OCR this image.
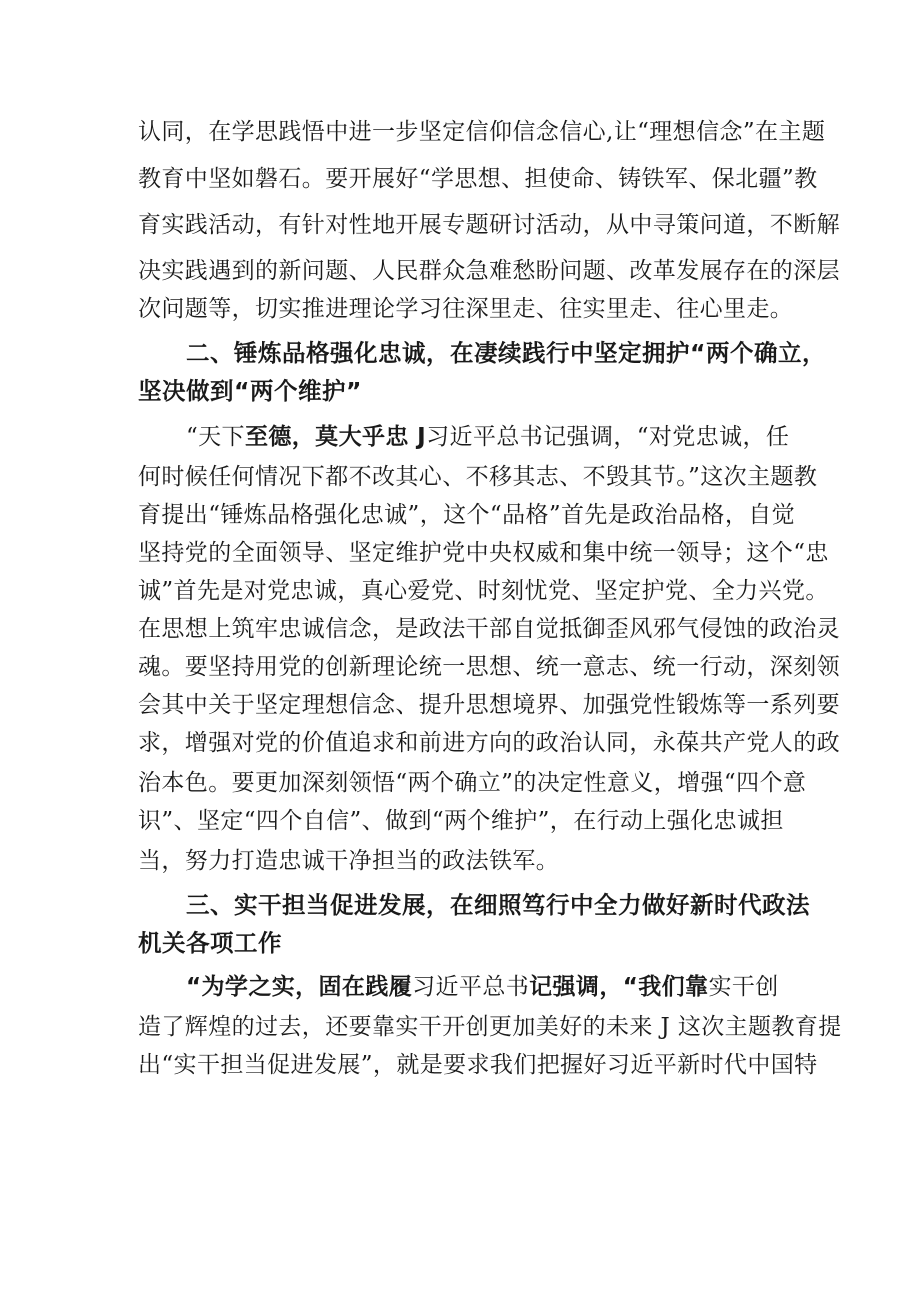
认同，在学思践悟中进一步坚定信仰信念信心,让“理想信念”在主题
教育中坚如磐石。要开展好“学思想、担使命、铸铁军、保北疆”教
育实践活动，有针对性地开展专题研讨活动，从中寻策问道，不断解
决实践遇到的新问题、人民群众急难愁盼问题、改革发展存在的深层
次问题等，切实推进理论学习往深里走、往实里走、往心里走。
二、锤炼品格强化忠诚，在凄续践行中坚定拥护“两个确立，
坚决做到“两个维护”
“天下至德，莫大乎忠 J习近平总书记强调，“对党忠诚，任
何时候任何情况下都不改其心、不移其志、不毁其节。”这次主题教
育提出“锤炼品格强化忠诚”，这个“品格”首先是政治品格，自觉
坚持党的全面领导、坚定维护党中央权威和集中统一领导；这个“忠
诚”首先是对党忠诚，真心爱党、时刻忧党、坚定护党、全力兴党。
在思想上筑牢忠诚信念，是政法干部自觉抵御歪风邪气侵蚀的政治灵
魂。要坚持用党的创新理论统一思想、统一意志、统一行动，深刻领
会其中关于坚定理想信念、提升思想境界、加强党性锻炼等一系列要
求，增强对党的价值追求和前进方向的政治认同，永葆共产党人的政
治本色。要更加深刻领悟“两个确立”的决定性意义，增强“四个意
识”、坚定“四个自信”、做到“两个维护”，在行动上强化忠诚担
当，努力打造忠诚干净担当的政法铁军。
三、实干担当促进发展，在细照笃行中全力做好新时代政法
机关各项工作
“为学之实，固在践履习近平总书记强调，“我们靠实干创
造了辉煌的过去，还要靠实干开创更加美好的未来 J 这次主题教育提
出“实干担当促进发展”，就是要求我们把握好习近平新时代中国特
